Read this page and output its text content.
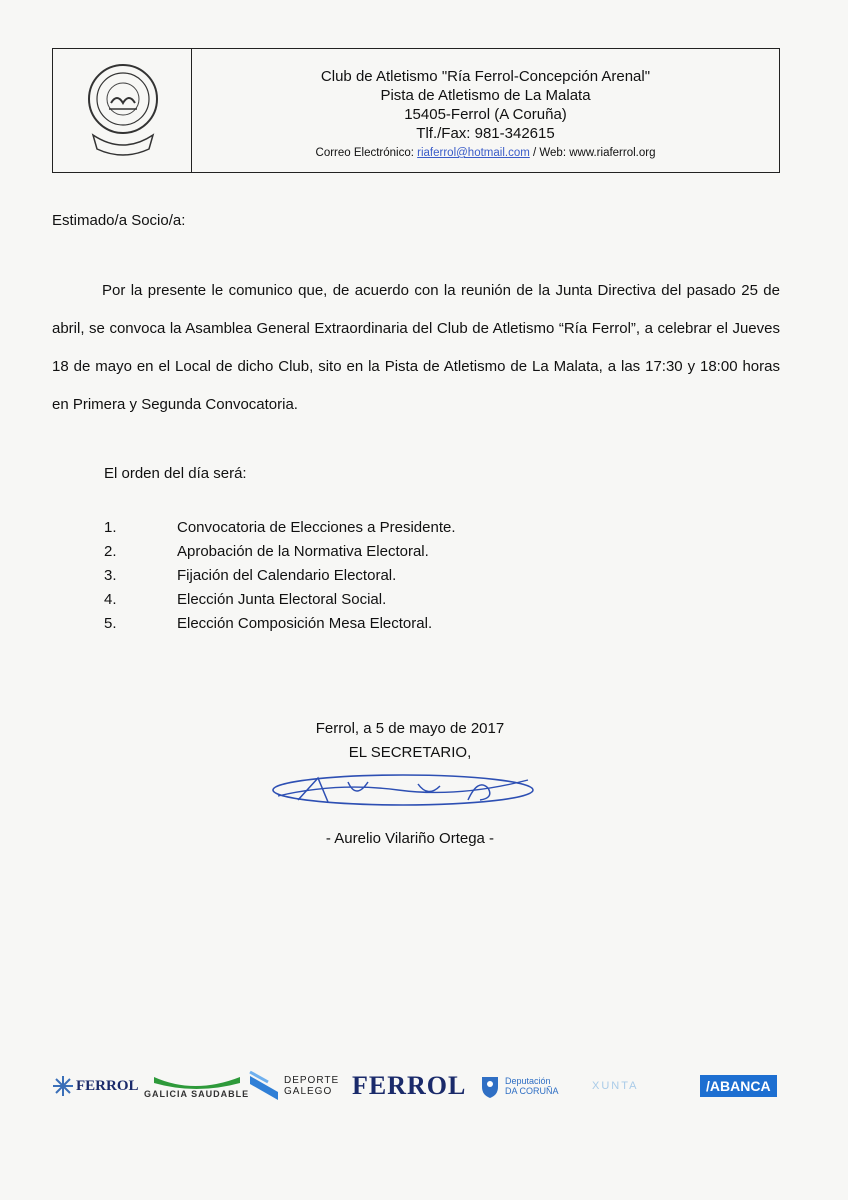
Club de Atletismo "Ría Ferrol-Concepción Arenal"
Pista de Atletismo de La Malata
15405-Ferrol (A Coruña)
Tlf./Fax: 981-342615
Correo Electrónico: riaferrol@hotmail.com / Web: www.riaferrol.org
Estimado/a Socio/a:
Por la presente le comunico que, de acuerdo con la reunión de la Junta Directiva del pasado 25 de abril, se convoca la Asamblea General Extraordinaria del Club de Atletismo “Ría Ferrol”, a celebrar el Jueves 18 de mayo en el Local de dicho Club, sito en la Pista de Atletismo de La Malata, a las 17:30 y 18:00 horas en Primera y Segunda Convocatoria.
El orden del día será:
1.	Convocatoria de Elecciones a Presidente.
2.	Aprobación de la Normativa Electoral.
3.	Fijación del Calendario Electoral.
4.	Elección Junta Electoral Social.
5.	Elección Composición Mesa Electoral.
Ferrol, a 5 de mayo de 2017
EL SECRETARIO,
- Aurelio Vilariño Ortega -
FERROL
GALICIA SAUDABLE
DEPORTE
GALEGO FERROL	Deputación
DA CORUÑA	XUNTA	/ABANCA
